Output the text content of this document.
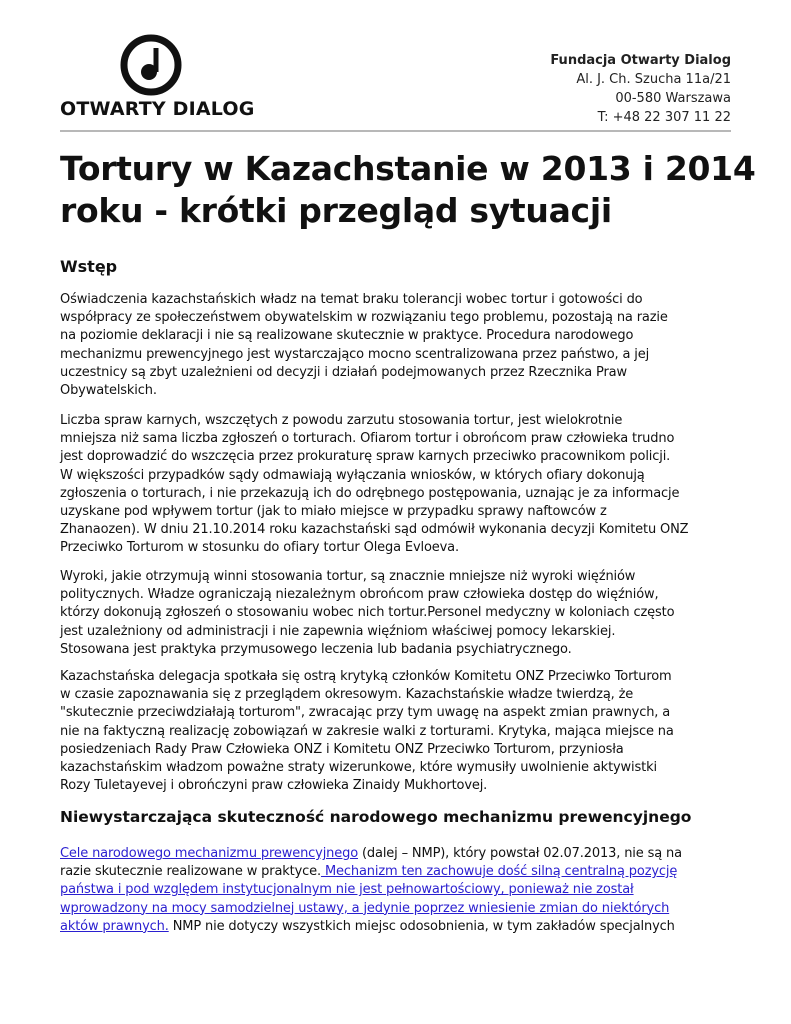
OTWARTY DIALOG
Fundacja Otwarty Dialog
Al. J. Ch. Szucha 11a/21
00-580 Warszawa
T: +48 22 307 11 22
Tortury w Kazachstanie w 2013 i 2014
roku - krótki przegląd sytuacji
Wstęp
Oświadczenia kazachstańskich władz na temat braku tolerancji wobec tortur i gotowości do
współpracy ze społeczeństwem obywatelskim w rozwiązaniu tego problemu, pozostają na razie
na poziomie deklaracji i nie są realizowane skutecznie w praktyce. Procedura narodowego
mechanizmu prewencyjnego jest wystarczająco mocno scentralizowana przez państwo, a jej
uczestnicy są zbyt uzależnieni od decyzji i działań podejmowanych przez Rzecznika Praw
Obywatelskich.
Liczba spraw karnych, wszczętych z powodu zarzutu stosowania tortur, jest wielokrotnie
mniejsza niż sama liczba zgłoszeń o torturach. Ofiarom tortur i obrońcom praw człowieka trudno
jest doprowadzić do wszczęcia przez prokuraturę spraw karnych przeciwko pracownikom policji.
W większości przypadków sądy odmawiają wyłączania wniosków, w których ofiary dokonują
zgłoszenia o torturach, i nie przekazują ich do odrębnego postępowania, uznając je za informacje
uzyskane pod wpływem tortur (jak to miało miejsce w przypadku sprawy naftowców z
Zhanaozen). W dniu 21.10.2014 roku kazachstański sąd odmówił wykonania decyzji Komitetu ONZ
Przeciwko Torturom w stosunku do ofiary tortur Olega Evloeva.
Wyroki, jakie otrzymują winni stosowania tortur, są znacznie mniejsze niż wyroki więźniów
politycznych. Władze ograniczają niezależnym obrońcom praw człowieka dostęp do więźniów,
którzy dokonują zgłoszeń o stosowaniu wobec nich tortur.Personel medyczny w koloniach często
jest uzależniony od administracji i nie zapewnia więźniom właściwej pomocy lekarskiej.
Stosowana jest praktyka przymusowego leczenia lub badania psychiatrycznego.
Kazachstańska delegacja spotkała się ostrą krytyką członków Komitetu ONZ Przeciwko Torturom
w czasie zapoznawania się z przeglądem okresowym. Kazachstańskie władze twierdzą, że
"skutecznie przeciwdziałają torturom", zwracając przy tym uwagę na aspekt zmian prawnych, a
nie na faktyczną realizację zobowiązań w zakresie walki z torturami. Krytyka, mająca miejsce na
posiedzeniach Rady Praw Człowieka ONZ i Komitetu ONZ Przeciwko Torturom, przyniosła
kazachstańskim władzom poważne straty wizerunkowe, które wymusiły uwolnienie aktywistki
Rozy Tuletayevej i obrończyni praw człowieka Zinaidy Mukhortovej.
Niewystarczająca skuteczność narodowego mechanizmu prewencyjnego
Cele narodowego mechanizmu prewencyjnego (dalej – NMP), który powstał 02.07.2013, nie są na
razie skutecznie realizowane w praktyce. Mechanizm ten zachowuje dość silną centralną pozycję
państwa i pod względem instytucjonalnym nie jest pełnowartościowy, ponieważ nie został
wprowadzony na mocy samodzielnej ustawy, a jedynie poprzez wniesienie zmian do niektórych
aktów prawnych. NMP nie dotyczy wszystkich miejsc odosobnienia, w tym zakładów specjalnych
